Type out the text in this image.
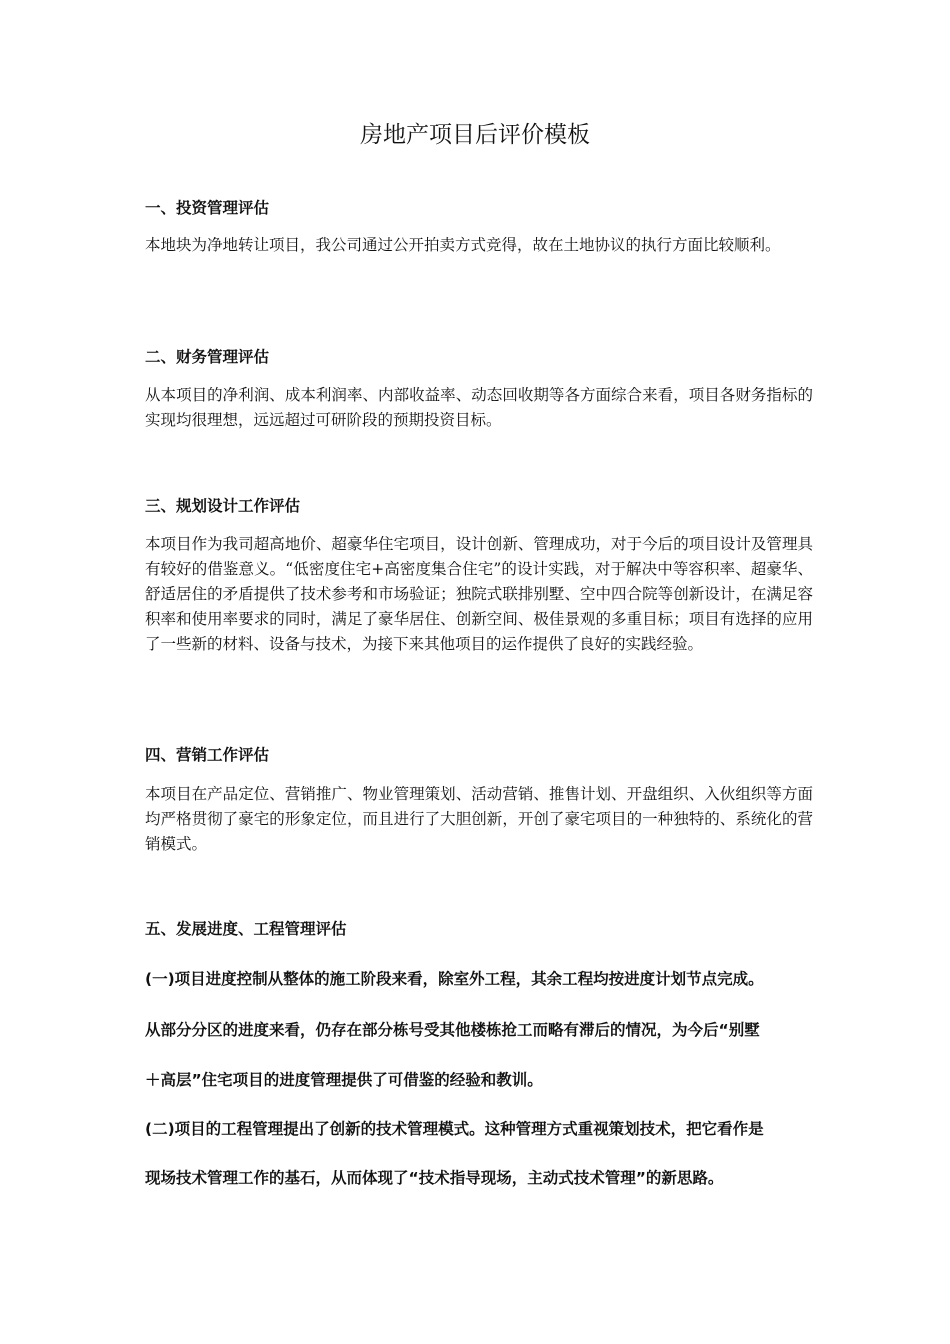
房地产项目后评价模板
一、投资管理评估

本地块为净地转让项目，我公司通过公开拍卖方式竞得，故在土地协议的执行方面比较顺利。

二、财务管理评估

从本项目的净利润、成本利润率、内部收益率、动态回收期等各方面综合来看，项目各财务指标的实现均很理想，远远超过可研阶段的预期投资目标。

三、规划设计工作评估

本项目作为我司超高地价、超豪华住宅项目，设计创新、管理成功，对于今后的项目设计及管理具有较好的借鉴意义。“低密度住宅+高密度集合住宅”的设计实践，对于解决中等容积率、超豪华、舒适居住的矛盾提供了技术参考和市场验证；独院式联排别墅、空中四合院等创新设计，在满足容积率和使用率要求的同时，满足了豪华居住、创新空间、极佳景观的多重目标；项目有选择的应用了一些新的材料、设备与技术，为接下来其他项目的运作提供了良好的实践经验。

四、营销工作评估

本项目在产品定位、营销推广、物业管理策划、活动营销、推售计划、开盘组织、入伙组织等方面均严格贯彻了豪宅的形象定位，而且进行了大胆创新，开创了豪宅项目的一种独特的、系统化的营销模式。

五、发展进度、工程管理评估

(一)项目进度控制从整体的施工阶段来看，除室外工程，其余工程均按进度计划节点完成。

从部分分区的进度来看，仍存在部分栋号受其他楼栋抢工而略有滞后的情况，为今后“别墅

＋高层”住宅项目的进度管理提供了可借鉴的经验和教训。

(二)项目的工程管理提出了创新的技术管理模式。这种管理方式重视策划技术，把它看作是

现场技术管理工作的基石，从而体现了“技术指导现场，主动式技术管理”的新思路。
